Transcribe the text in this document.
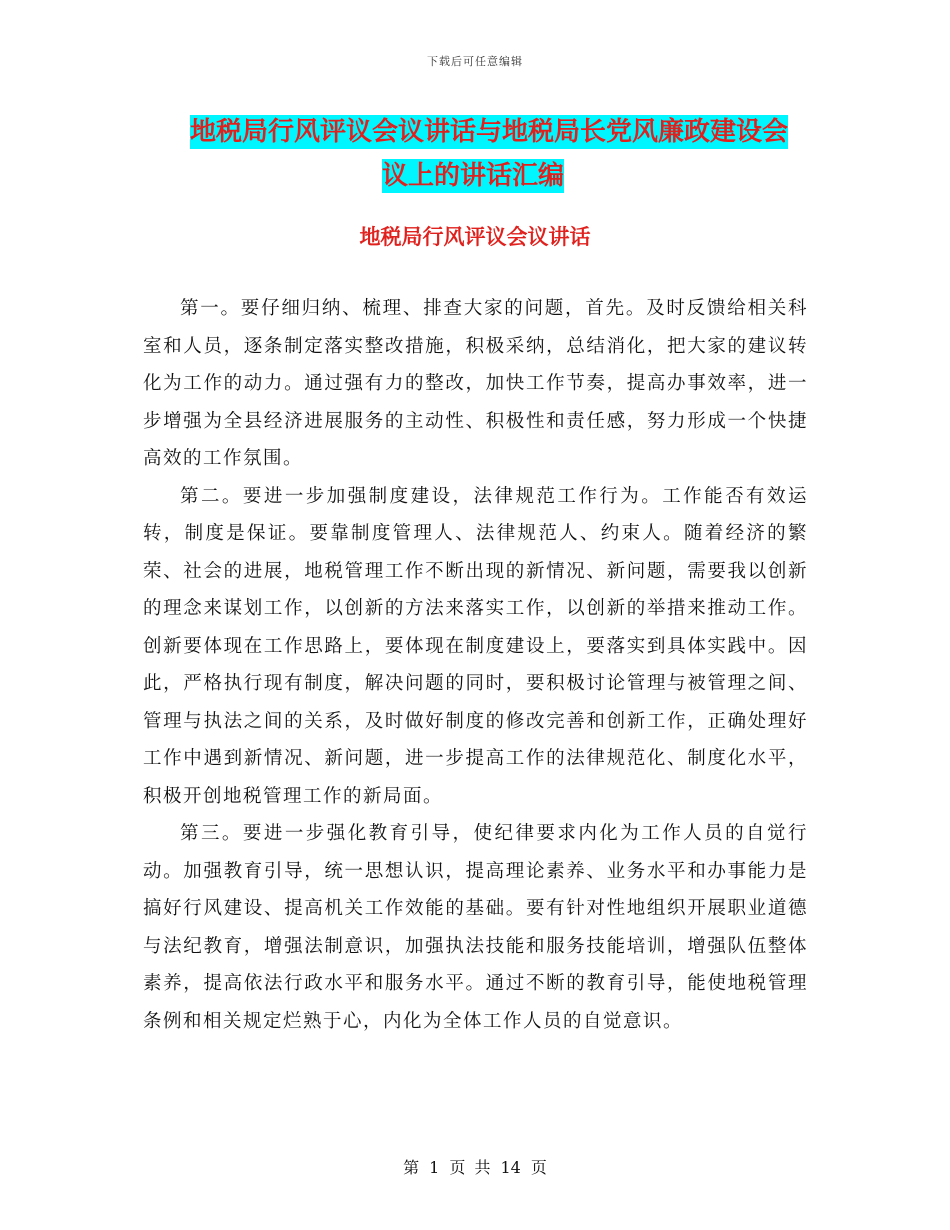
下载后可任意编辑
地税局行风评议会议讲话与地税局长党风廉政建设会
议上的讲话汇编
地税局行风评议会议讲话

第一。要仔细归纳、梳理、排查大家的问题，首先。及时反馈给相关科室和人员，逐条制定落实整改措施，积极采纳，总结消化，把大家的建议转化为工作的动力。通过强有力的整改，加快工作节奏，提高办事效率，进一步增强为全县经济进展服务的主动性、积极性和责任感，努力形成一个快捷高效的工作氛围。

第二。要进一步加强制度建设，法律规范工作行为。工作能否有效运转，制度是保证。要靠制度管理人、法律规范人、约束人。随着经济的繁荣、社会的进展，地税管理工作不断出现的新情况、新问题，需要我以创新的理念来谋划工作，以创新的方法来落实工作，以创新的举措来推动工作。创新要体现在工作思路上，要体现在制度建设上，要落实到具体实践中。因此，严格执行现有制度，解决问题的同时，要积极讨论管理与被管理之间、管理与执法之间的关系，及时做好制度的修改完善和创新工作，正确处理好工作中遇到新情况、新问题，进一步提高工作的法律规范化、制度化水平，积极开创地税管理工作的新局面。

第三。要进一步强化教育引导，使纪律要求内化为工作人员的自觉行动。加强教育引导，统一思想认识，提高理论素养、业务水平和办事能力是搞好行风建设、提高机关工作效能的基础。要有针对性地组织开展职业道德与法纪教育，增强法制意识，加强执法技能和服务技能培训，增强队伍整体素养，提高依法行政水平和服务水平。通过不断的教育引导，能使地税管理条例和相关规定烂熟于心，内化为全体工作人员的自觉意识。

第 1 页 共 14 页
